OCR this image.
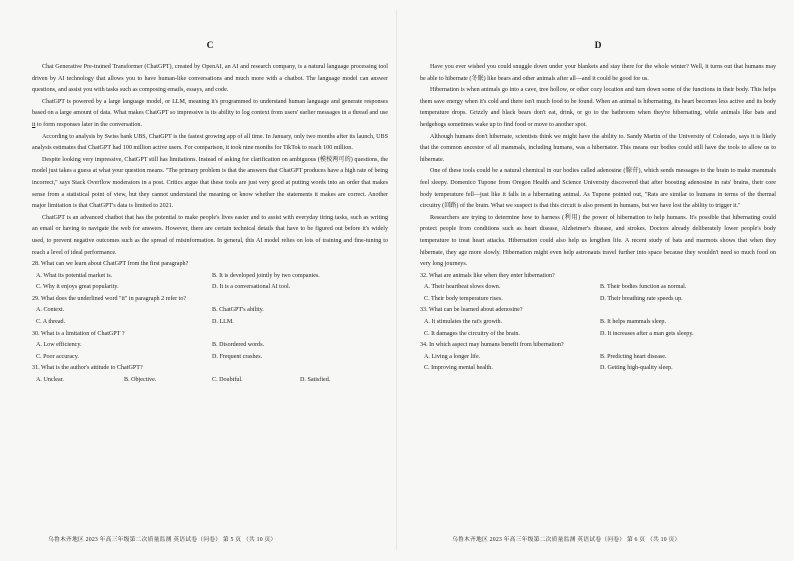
C

Chat Generative Pre-trained Transformer (ChatGPT), created by OpenAI, an AI and research company, is a natural language processing tool driven by AI technology that allows you to have human-like conversations and much more with a chatbot. The language model can answer questions, and assist you with tasks such as composing emails, essays, and code.

ChatGPT is powered by a large language model, or LLM, meaning it's programmed to understand human language and generate responses based on a large amount of data. What makes ChatGPT so impressive is its ability to log context from users' earlier messages in a thread and use it to form responses later in the conversation.

According to analysis by Swiss bank UBS, ChatGPT is the fastest growing app of all time. In January, only two months after its launch, UBS analysis estimates that ChatGPT had 100 million active users. For comparison, it took nine months for TikTok to reach 100 million.

Despite looking very impressive, ChatGPT still has limitations. Instead of asking for clarification on ambiguous (模棱两可的) questions, the model just takes a guess at what your question means. "The primary problem is that the answers that ChatGPT produces have a high rate of being incorrect," says Stack Overflow moderators in a post. Critics argue that these tools are just very good at putting words into an order that makes sense from a statistical point of view, but they cannot understand the meaning or know whether the statements it makes are correct. Another major limitation is that ChatGPT's data is limited to 2021.

ChatGPT is an advanced chatbot that has the potential to make people's lives easier and to assist with everyday tiring tasks, such as writing an email or having to navigate the web for answers. However, there are certain technical details that have to be figured out before it's widely used, to prevent negative outcomes such as the spread of misinformation. In general, this AI model relies on lots of training and fine-tuning to reach a level of ideal performance.

28. What can we learn about ChatGPT from the first paragraph?

A. What its potential market is.	B. It is developed jointly by two companies.
C. Why it enjoys great popularity.	D. It is a conversational AI tool.

29. What does the underlined word "it" in paragraph 2 refer to?

A. Context.	B. ChatGPT's ability.
C. A thread.	D. LLM.

30. What is a limitation of ChatGPT ?

A. Low efficiency.	B. Disordered words.
C. Poor accuracy.	D. Frequent crashes.

31. What is the author's attitude to ChatGPT?

A. Unclear.	B. Objective.	C. Doubtful.	D. Satisfied.
D

Have you ever wished you could snuggle down under your blankets and stay there for the whole winter? Well, it turns out that humans may be able to hibernate (冬眠) like bears and other animals after all—and it could be good for us.

Hibernation is when animals go into a cave, tree hollow, or other cozy location and turn down some of the functions in their body. This helps them save energy when it's cold and there isn't much food to be found. When an animal is hibernating, its heart becomes less active and its body temperature drops. Grizzly and black bears don't eat, drink, or go to the bathroom when they're hibernating, while animals like bats and hedgehogs sometimes wake up to find food or move to another spot.

Although humans don't hibernate, scientists think we might have the ability to. Sandy Martin of the University of Colorado, says it is likely that the common ancestor of all mammals, including humans, was a hibernator. This means our bodies could still have the tools to allow us to hibernate.

One of these tools could be a natural chemical in our bodies called adenosine (腺苷), which sends messages to the brain to make mammals feel sleepy. Domenico Tupone from Oregon Health and Science University discovered that after boosting adenosine in rats' brains, their core body temperature fell—just like it falls in a hibernating animal. As Tupone pointed out, "Rats are similar to humans in terms of the thermal circuitry (回路) of the brain. What we suspect is that this circuit is also present in humans, but we have lost the ability to trigger it."

Researchers are trying to determine how to harness (利用) the power of hibernation to help humans. It's possible that hibernating could protect people from conditions such as heart disease, Alzheimer's disease, and strokes. Doctors already deliberately lower people's body temperature to treat heart attacks. Hibernation could also help us lengthen life. A recent study of bats and marmots shows that when they hibernate, they age more slowly. Hibernation might even help astronauts travel further into space because they wouldn't need so much food on very long journeys.

32. What are animals like when they enter hibernation?

A. Their heartbeat slows down.	B. Their bodies function as normal.
C. Their body temperature rises.	D. Their breathing rate speeds up.

33. What can be learned about adenosine?

A. It stimulates the rat's growth.	B. It helps mammals sleep.
C. It damages the circuitry of the brain.	D. It increases after a man gets sleepy.

34. In which aspect may humans benefit from hibernation?

A. Living a longer life.	B. Predicting heart disease.
C. Improving mental health.	D. Getting high-quality sleep.
乌鲁木齐地区 2023 年高三年级第二次质量监测 英语试卷（问卷） 第 5 页 （共 10 页）	乌鲁木齐地区 2023 年高三年级第二次质量监测 英语试卷（问卷） 第 6 页 （共 10 页）
